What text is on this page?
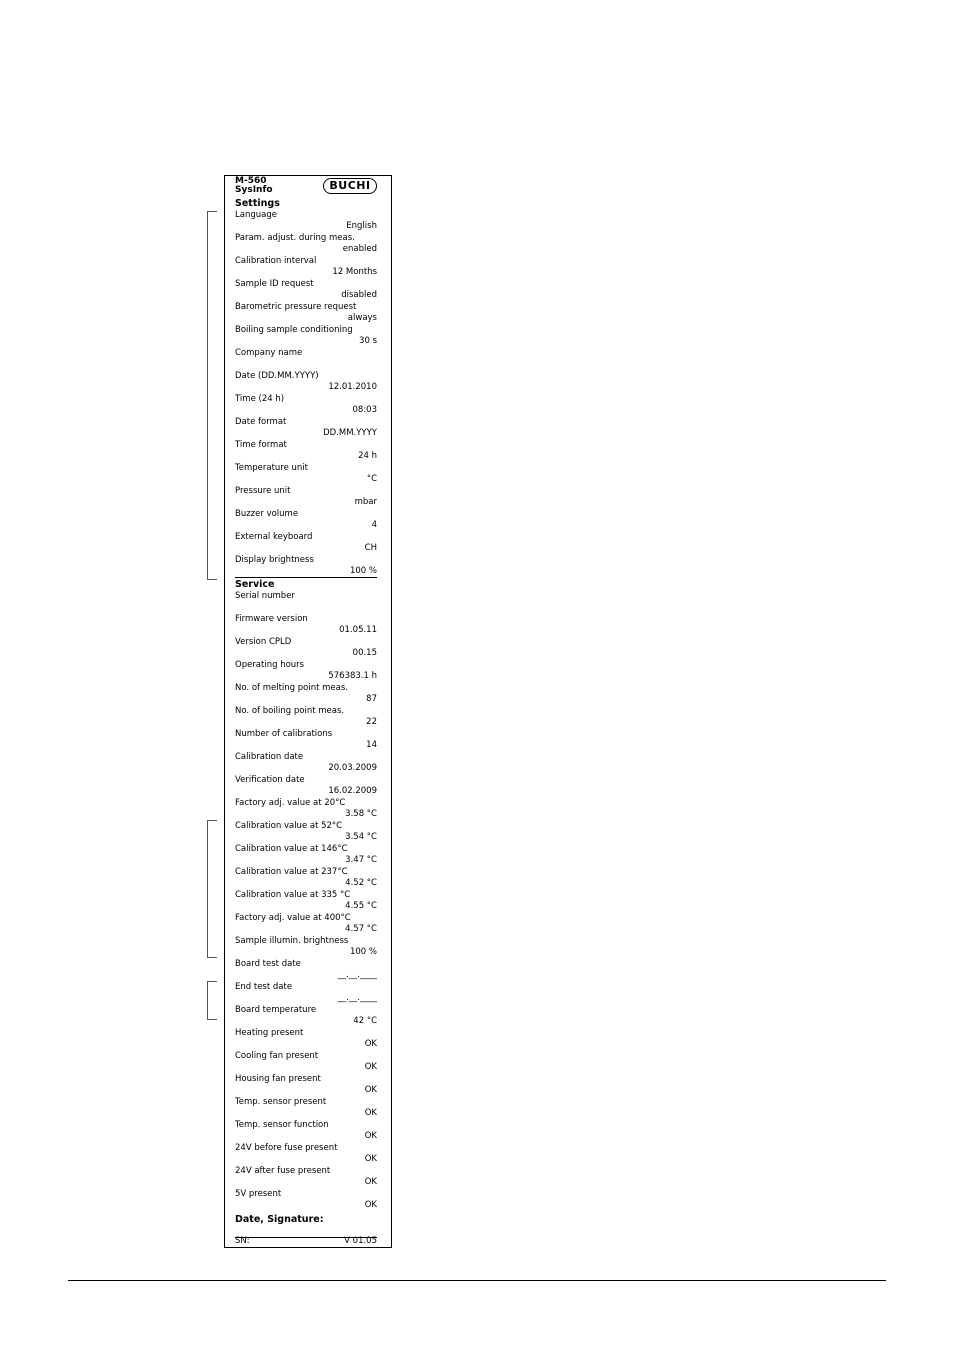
M-560
SysInfo	BUCHI
Settings
Language
English
Param. adjust. during meas.
enabled
Calibration interval
12 Months
Sample ID request
disabled
Barometric pressure request
always
Boiling sample conditioning
30 s
Company name
Date (DD.MM.YYYY)
12.01.2010
Time (24 h)
08:03
Date format
DD.MM.YYYY
Time format
24 h
Temperature unit
°C
Pressure unit
mbar
Buzzer volume
4
External keyboard
CH
Display brightness
100 %
Service
Serial number
Firmware version
01.05.11
Version CPLD
00.15
Operating hours
576383.1 h
No. of melting point meas.
87
No. of boiling point meas.
22
Number of calibrations
14
Calibration date
20.03.2009
Verification date
16.02.2009
Factory adj. value at 20°C
3.58 °C
Calibration value at 52°C
3.54 °C
Calibration value at 146°C
3.47 °C
Calibration value at 237°C
4.52 °C
Calibration value at 335 °C
4.55 °C
Factory adj. value at 400°C
4.57 °C
Sample illumin. brightness
100 %
Board test date
__.__.____
End test date
__.__.____
Board temperature
42 °C
Heating present
OK
Cooling fan present
OK
Housing fan present
OK
Temp. sensor present
OK
Temp. sensor function
OK
24V before fuse present
OK
24V after fuse present
OK
5V present
OK
Date, Signature:
SN:	V 01.05
